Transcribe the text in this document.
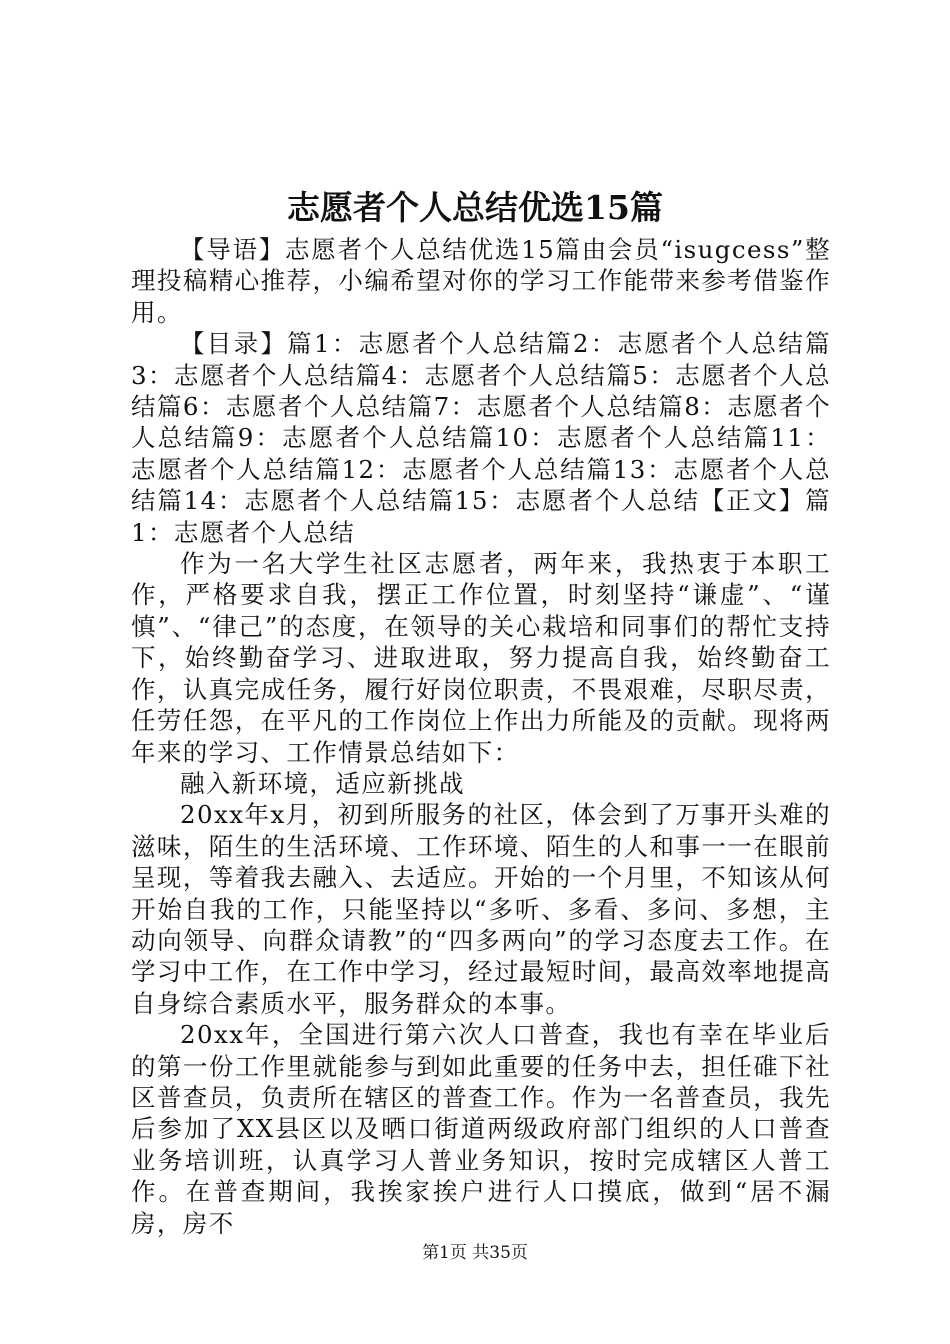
志愿者个人总结优选15篇

【导语】志愿者个人总结优选15篇由会员“isugcess”整理投稿精心推荐，小编希望对你的学习工作能带来参考借鉴作用。

【目录】篇1：志愿者个人总结篇2：志愿者个人总结篇3：志愿者个人总结篇4：志愿者个人总结篇5：志愿者个人总结篇6：志愿者个人总结篇7：志愿者个人总结篇8：志愿者个人总结篇9：志愿者个人总结篇10：志愿者个人总结篇11：志愿者个人总结篇12：志愿者个人总结篇13：志愿者个人总结篇14：志愿者个人总结篇15：志愿者个人总结【正文】篇1：志愿者个人总结

作为一名大学生社区志愿者，两年来，我热衷于本职工作，严格要求自我，摆正工作位置，时刻坚持“谦虚”、“谨慎”、“律己”的态度，在领导的关心栽培和同事们的帮忙支持下，始终勤奋学习、进取进取，努力提高自我，始终勤奋工作，认真完成任务，履行好岗位职责，不畏艰难，尽职尽责，任劳任怨，在平凡的工作岗位上作出力所能及的贡献。现将两年来的学习、工作情景总结如下：

融入新环境，适应新挑战

20xx年x月，初到所服务的社区，体会到了万事开头难的滋味，陌生的生活环境、工作环境、陌生的人和事一一在眼前呈现，等着我去融入、去适应。开始的一个月里，不知该从何开始自我的工作，只能坚持以“多听、多看、多问、多想，主动向领导、向群众请教”的“四多两向”的学习态度去工作。在学习中工作，在工作中学习，经过最短时间，最高效率地提高自身综合素质水平，服务群众的本事。

20xx年，全国进行第六次人口普查，我也有幸在毕业后的第一份工作里就能参与到如此重要的任务中去，担任碓下社区普查员，负责所在辖区的普查工作。作为一名普查员，我先后参加了XX县区以及晒口街道两级政府部门组织的人口普查业务培训班，认真学习人普业务知识，按时完成辖区人普工作。在普查期间，我挨家挨户进行人口摸底，做到“居不漏房，房不

第1页 共35页
